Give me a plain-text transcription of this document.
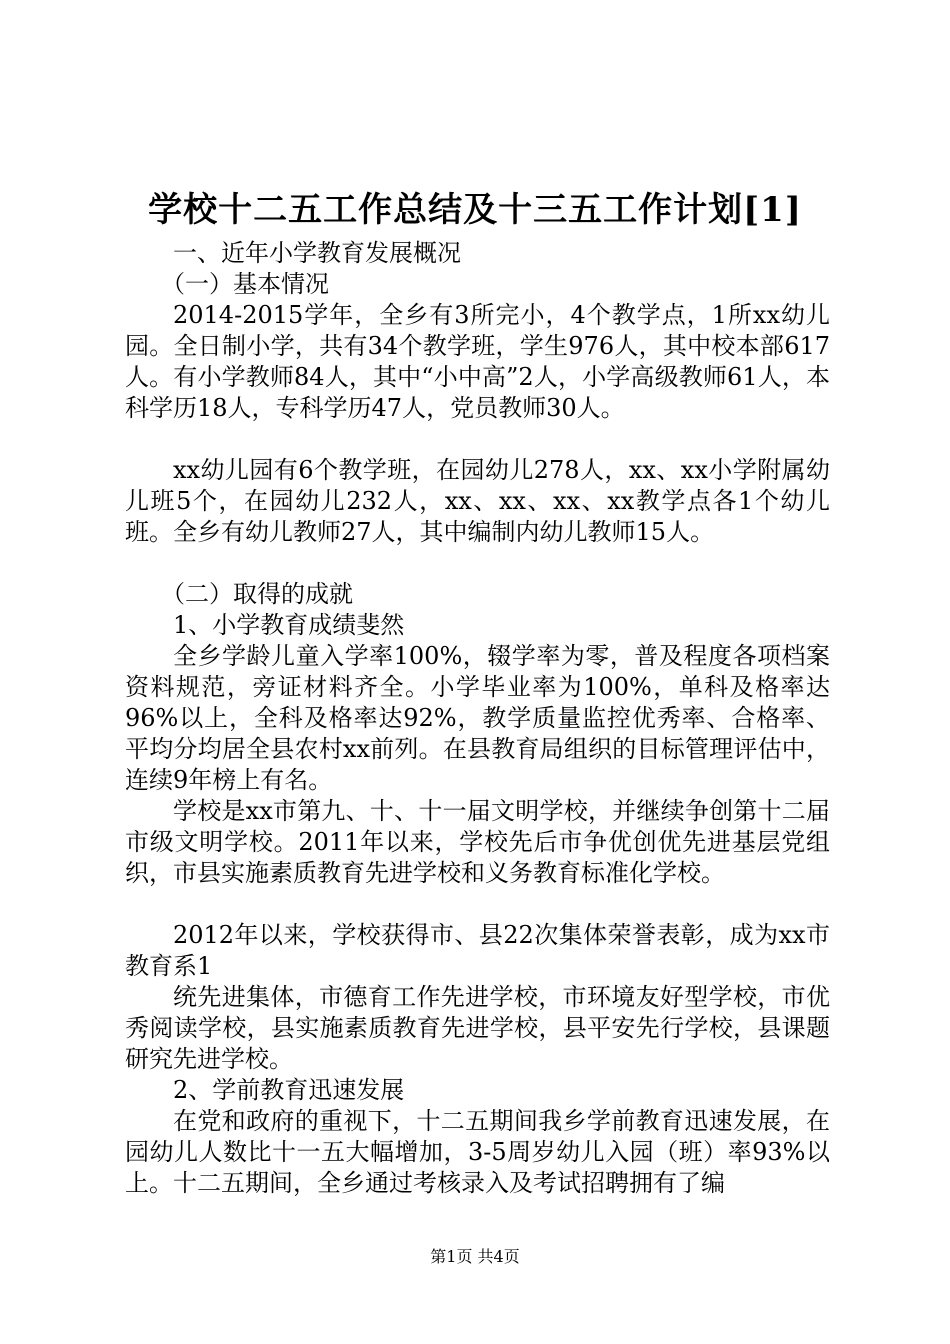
学校十二五工作总结及十三五工作计划[1]

一、近年小学教育发展概况

（一）基本情况

2014-2015学年，全乡有3所完小，4个教学点，1所xx幼儿园。全日制小学，共有34个教学班，学生976人，其中校本部617人。有小学教师84人，其中“小中高”2人，小学高级教师61人，本科学历18人，专科学历47人，党员教师30人。

xx幼儿园有6个教学班，在园幼儿278人，xx、xx小学附属幼儿班5个，在园幼儿232人，xx、xx、xx、xx教学点各1个幼儿班。全乡有幼儿教师27人，其中编制内幼儿教师15人。

（二）取得的成就

1、小学教育成绩斐然

全乡学龄儿童入学率100%，辍学率为零，普及程度各项档案资料规范，旁证材料齐全。小学毕业率为100%，单科及格率达96%以上，全科及格率达92%，教学质量监控优秀率、合格率、平均分均居全县农村xx前列。在县教育局组织的目标管理评估中，连续9年榜上有名。

学校是xx市第九、十、十一届文明学校，并继续争创第十二届市级文明学校。2011年以来，学校先后市争优创优先进基层党组织，市县实施素质教育先进学校和义务教育标准化学校。

2012年以来，学校获得市、县22次集体荣誉表彰，成为xx市教育系1

统先进集体，市德育工作先进学校，市环境友好型学校，市优秀阅读学校，县实施素质教育先进学校，县平安先行学校，县课题研究先进学校。

2、学前教育迅速发展

在党和政府的重视下，十二五期间我乡学前教育迅速发展，在园幼儿人数比十一五大幅增加，3-5周岁幼儿入园（班）率93%以上。十二五期间，全乡通过考核录入及考试招聘拥有了编

第1页 共4页
